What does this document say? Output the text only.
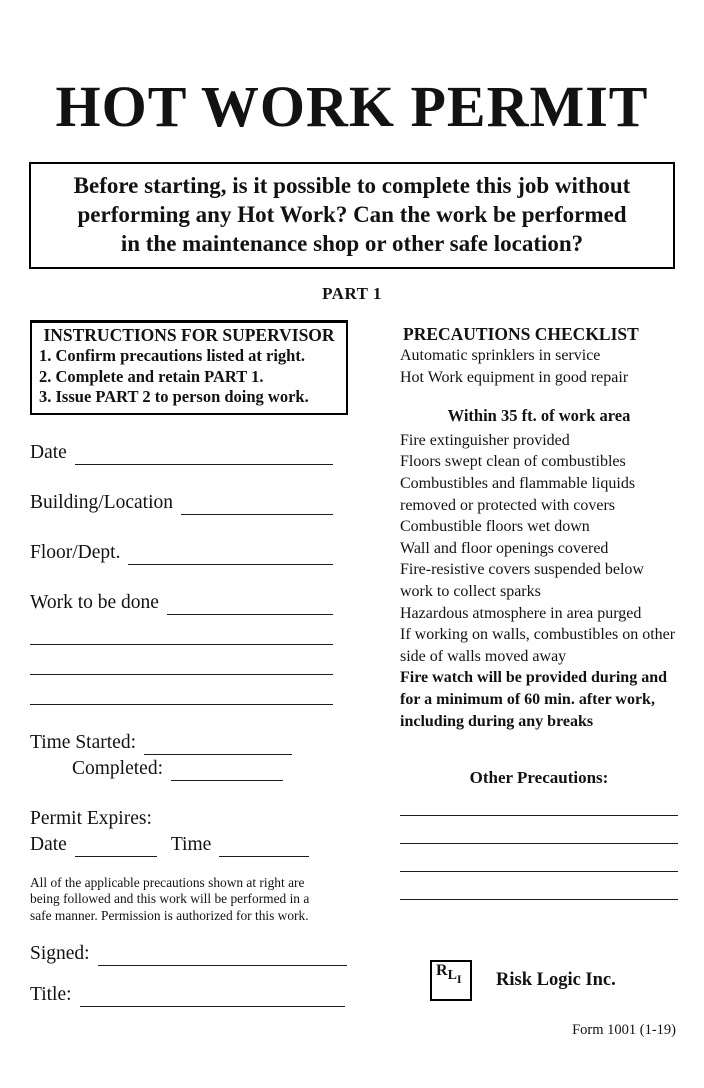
HOT WORK PERMIT
Before starting, is it possible to complete this job without
performing any Hot Work? Can the work be performed
in the maintenance shop or other safe location?
PART 1
INSTRUCTIONS FOR SUPERVISOR
1. Confirm precautions listed at right.
2. Complete and retain PART 1.
3. Issue PART 2 to person doing work.
Date
Building/Location
Floor/Dept.
Work to be done
Time Started:
Completed:
Permit Expires:
Date	Time
All of the applicable precautions shown at right are
being followed and this work will be performed in a
safe manner. Permission is authorized for this work.
Signed:
Title:
PRECAUTIONS CHECKLIST
Automatic sprinklers in service
Hot Work equipment in good repair
Within 35 ft. of work area
Fire extinguisher provided
Floors swept clean of combustibles
Combustibles and flammable liquids removed or protected with covers
Combustible floors wet down
Wall and floor openings covered
Fire-resistive covers suspended below work to collect sparks
Hazardous atmosphere in area purged
If working on walls, combustibles on other side of walls moved away
Fire watch will be provided during and for a minimum of 60 min. after work, including during any breaks
Other Precautions:
$RL_I$	Risk Logic Inc.
Form 1001 (1-19)
